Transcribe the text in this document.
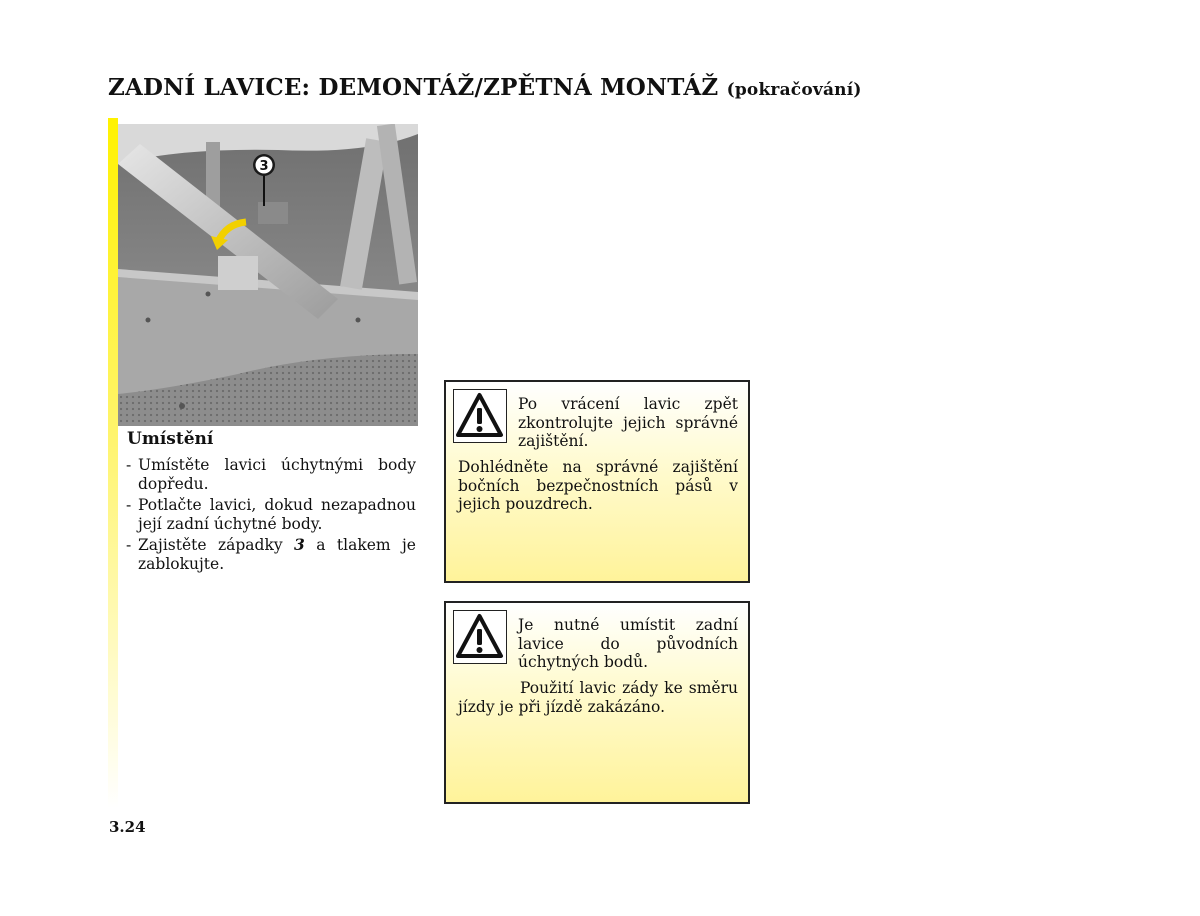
ZADNÍ LAVICE: DEMONTÁŽ/ZPĚTNÁ MONTÁŽ (pokračování)
3
Umístění
- Umístěte lavici úchytnými body dopředu.
- Potlačte lavici, dokud nezapadnou její zadní úchytné body.
- Zajistěte západky 3 a tlakem je zablokujte.
Po vrácení lavic zpět zkontrolujte jejich správné zajištění.
Dohlédněte na správné zajištění bočních bezpečnostních pásů v jejich pouzdrech.
Je nutné umístit zadní lavice do původních úchytných bodů.
Použití lavic zády ke směru jízdy je při jízdě zakázáno.
3.24
